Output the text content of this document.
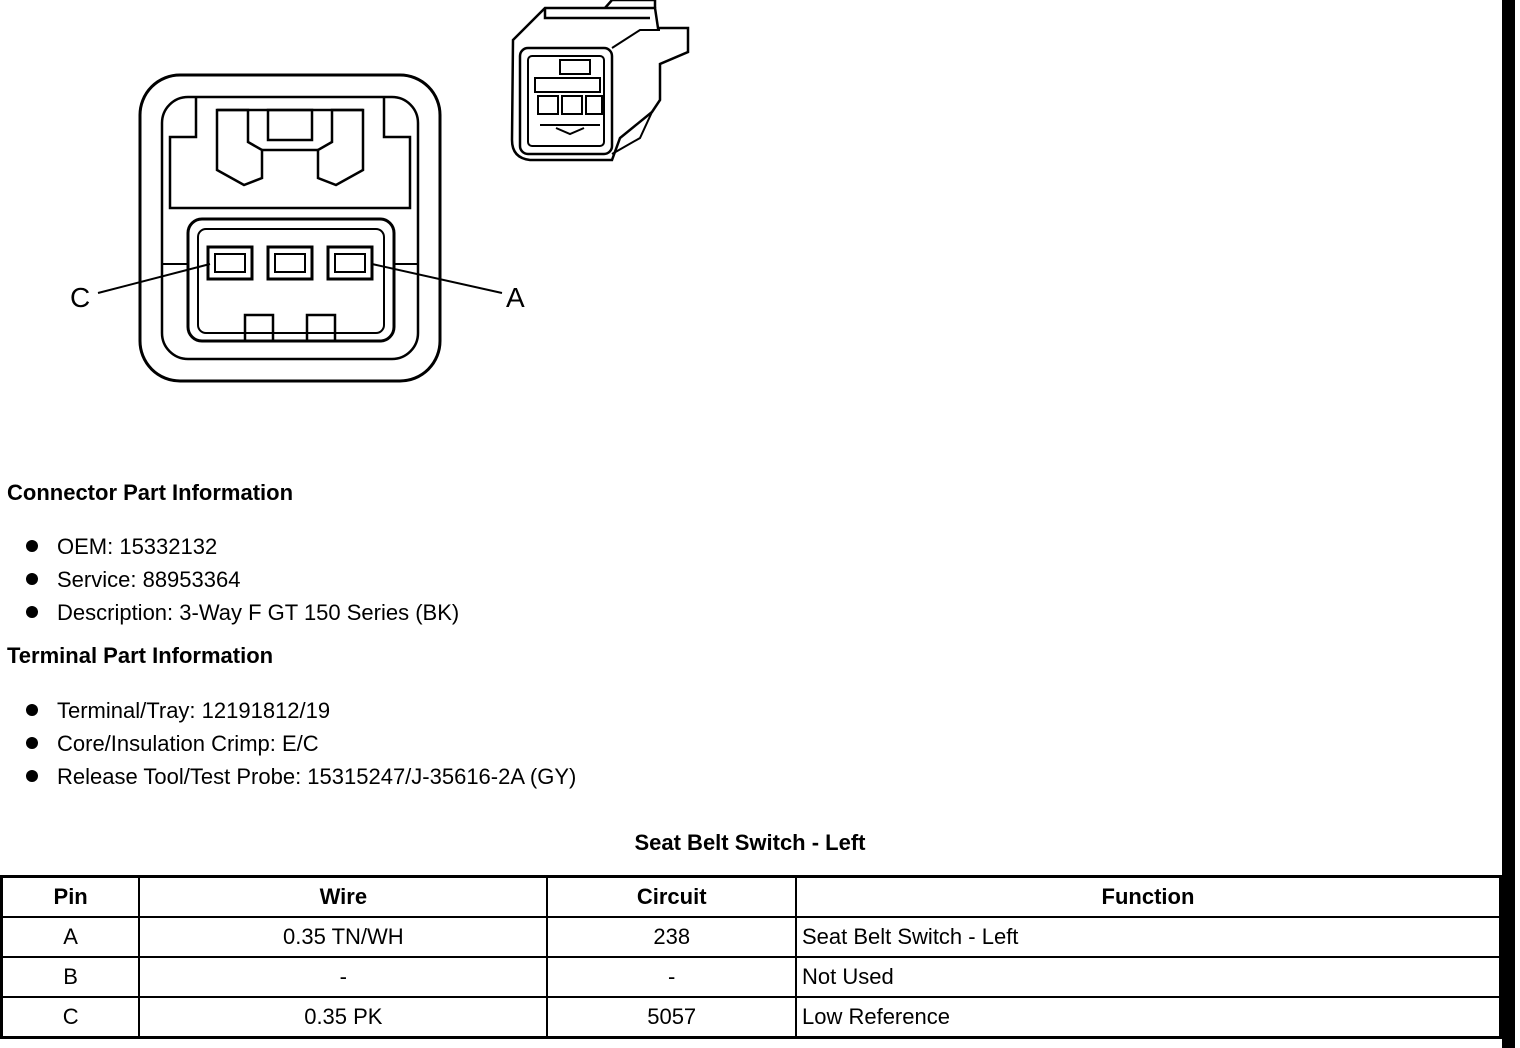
C	A
Connector Part Information
OEM: 15332132
Service: 88953364
Description: 3-Way F GT 150 Series (BK)
Terminal Part Information
Terminal/Tray: 12191812/19
Core/Insulation Crimp: E/C
Release Tool/Test Probe: 15315247/J-35616-2A (GY)
Seat Belt Switch - Left
Pin	Wire	Circuit	Function
A	0.35 TN/WH	238	Seat Belt Switch - Left
B	-	-	Not Used
C	0.35 PK	5057	Low Reference
